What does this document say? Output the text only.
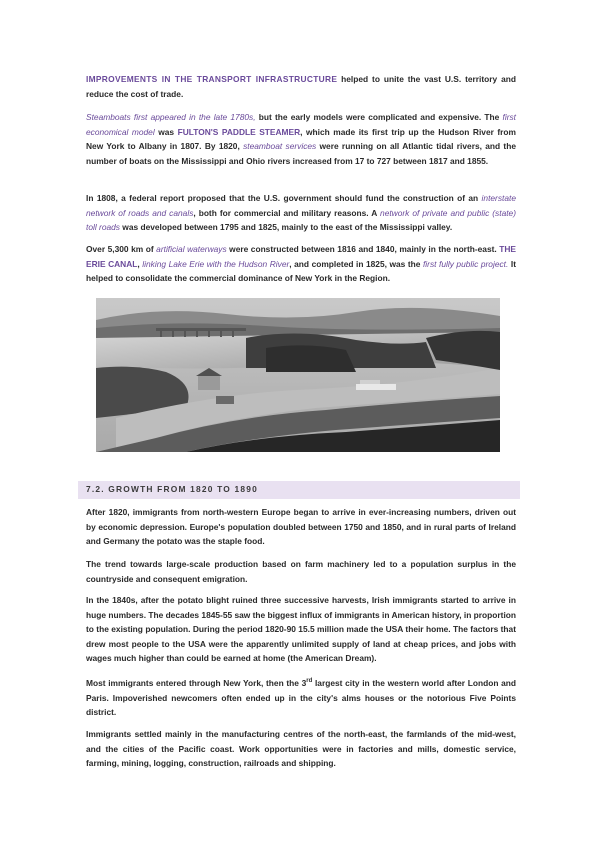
IMPROVEMENTS IN THE TRANSPORT INFRASTRUCTURE helped to unite the vast U.S. territory and reduce the cost of trade.

Steamboats first appeared in the late 1780s, but the early models were complicated and expensive. The first economical model was FULTON'S PADDLE STEAMER, which made its first trip up the Hudson River from New York to Albany in 1807. By 1820, steamboat services were running on all Atlantic tidal rivers, and the number of boats on the Mississippi and Ohio rivers increased from 17 to 727 between 1817 and 1855.

In 1808, a federal report proposed that the U.S. government should fund the construction of an interstate network of roads and canals, both for commercial and military reasons. A network of private and public (state) toll roads was developed between 1795 and 1825, mainly to the east of the Mississippi valley.

Over 5,300 km of artificial waterways were constructed between 1816 and 1840, mainly in the north-east. THE ERIE CANAL, linking Lake Erie with the Hudson River, and completed in 1825, was the first fully public project. It helped to consolidate the commercial dominance of New York in the Region.

7.2. GROWTH FROM 1820 TO 1890

After 1820, immigrants from north-western Europe began to arrive in ever-increasing numbers, driven out by economic depression. Europe's population doubled between 1750 and 1850, and in rural parts of Ireland and Germany the potato was the staple food.

The trend towards large-scale production based on farm machinery led to a population surplus in the countryside and consequent emigration.

In the 1840s, after the potato blight ruined three successive harvests, Irish immigrants started to arrive in huge numbers. The decades 1845-55 saw the biggest influx of immigrants in American history, in proportion to the existing population. During the period 1820-90 15.5 million made the USA their home. The factors that drew most people to the USA were the apparently unlimited supply of land at cheap prices, and jobs with wages much higher than could be earned at home (the American Dream).

Most immigrants entered through New York, then the 3rd largest city in the western world after London and Paris. Impoverished newcomers often ended up in the city's alms houses or the notorious Five Points district.

Immigrants settled mainly in the manufacturing centres of the north-east, the farmlands of the mid-west, and the cities of the Pacific coast. Work opportunities were in factories and mills, domestic service, farming, mining, logging, construction, railroads and shipping.
